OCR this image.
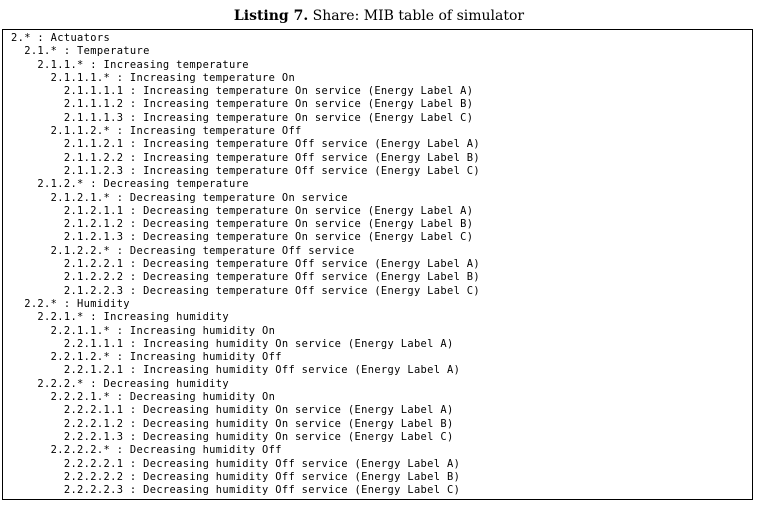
Listing 7. Share: MIB table of simulator
2.* : Actuators
2.1.* : Temperature
2.1.1.* : Increasing temperature
2.1.1.1.* : Increasing temperature On
2.1.1.1.1 : Increasing temperature On service (Energy Label A)
2.1.1.1.2 : Increasing temperature On service (Energy Label B)
2.1.1.1.3 : Increasing temperature On service (Energy Label C)
2.1.1.2.* : Increasing temperature Off
2.1.1.2.1 : Increasing temperature Off service (Energy Label A)
2.1.1.2.2 : Increasing temperature Off service (Energy Label B)
2.1.1.2.3 : Increasing temperature Off service (Energy Label C)
2.1.2.* : Decreasing temperature
2.1.2.1.* : Decreasing temperature On service
2.1.2.1.1 : Decreasing temperature On service (Energy Label A)
2.1.2.1.2 : Decreasing temperature On service (Energy Label B)
2.1.2.1.3 : Decreasing temperature On service (Energy Label C)
2.1.2.2.* : Decreasing temperature Off service
2.1.2.2.1 : Decreasing temperature Off service (Energy Label A)
2.1.2.2.2 : Decreasing temperature Off service (Energy Label B)
2.1.2.2.3 : Decreasing temperature Off service (Energy Label C)
2.2.* : Humidity
2.2.1.* : Increasing humidity
2.2.1.1.* : Increasing humidity On
2.2.1.1.1 : Increasing humidity On service (Energy Label A)
2.2.1.2.* : Increasing humidity Off
2.2.1.2.1 : Increasing humidity Off service (Energy Label A)
2.2.2.* : Decreasing humidity
2.2.2.1.* : Decreasing humidity On
2.2.2.1.1 : Decreasing humidity On service (Energy Label A)
2.2.2.1.2 : Decreasing humidity On service (Energy Label B)
2.2.2.1.3 : Decreasing humidity On service (Energy Label C)
2.2.2.2.* : Decreasing humidity Off
2.2.2.2.1 : Decreasing humidity Off service (Energy Label A)
2.2.2.2.2 : Decreasing humidity Off service (Energy Label B)
2.2.2.2.3 : Decreasing humidity Off service (Energy Label C)
